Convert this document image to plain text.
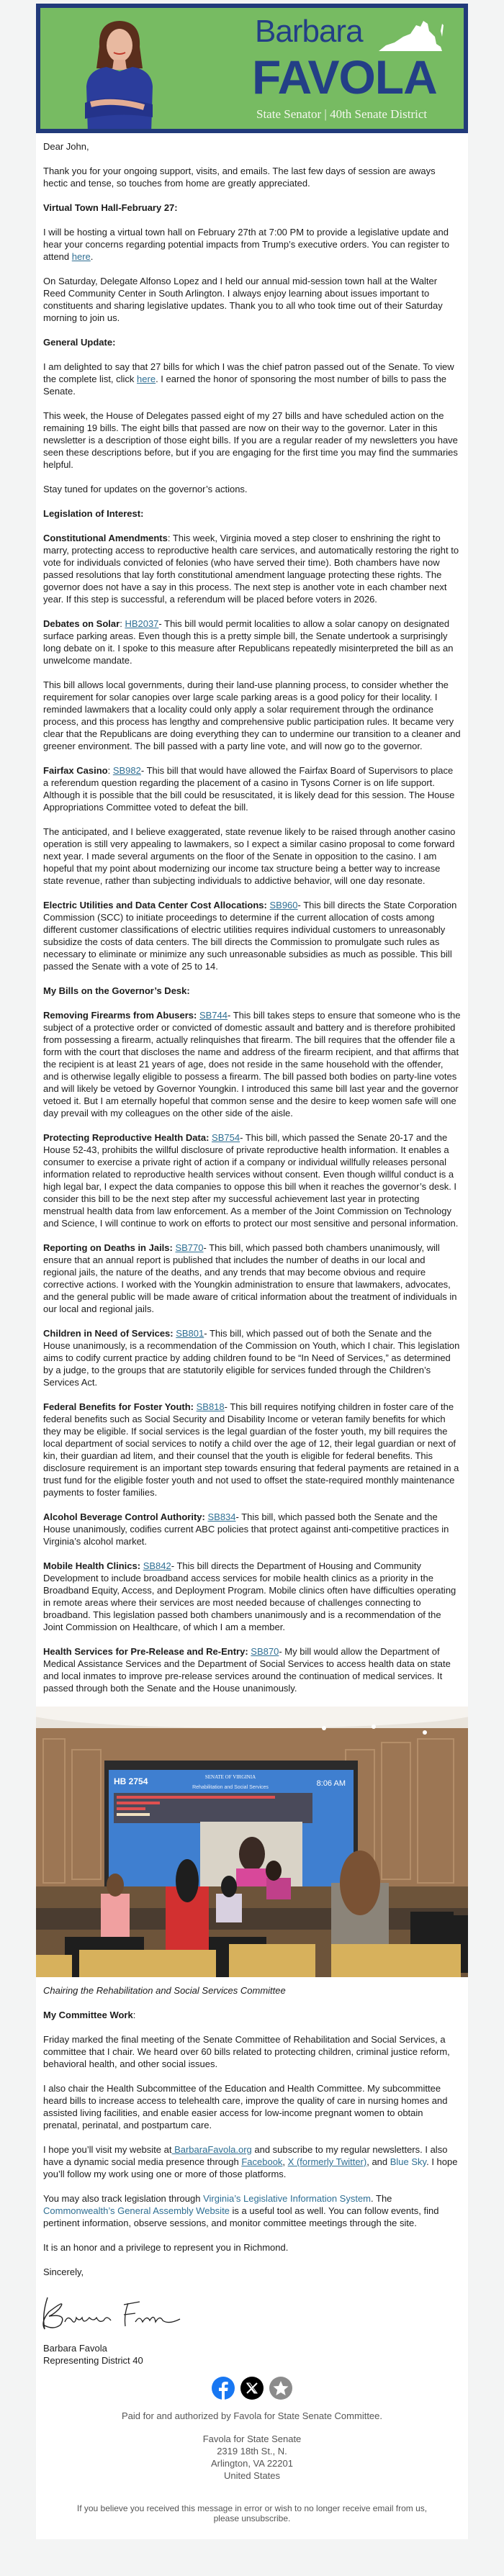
Barbara
FAVOLA
State Senator | 40th Senate District

Dear John,

Thank you for your ongoing support, visits, and emails. The last few days of session are aways hectic and tense, so touches from home are greatly appreciated.

Virtual Town Hall-February 27:

I will be hosting a virtual town hall on February 27th at 7:00 PM to provide a legislative update and hear your concerns regarding potential impacts from Trump’s executive orders. You can register to attend here.

On Saturday, Delegate Alfonso Lopez and I held our annual mid-session town hall at the Walter Reed Community Center in South Arlington. I always enjoy learning about issues important to constituents and sharing legislative updates. Thank you to all who took time out of their Saturday morning to join us.

General Update:

I am delighted to say that 27 bills for which I was the chief patron passed out of the Senate. To view the complete list, click here. I earned the honor of sponsoring the most number of bills to pass the Senate.

This week, the House of Delegates passed eight of my 27 bills and have scheduled action on the remaining 19 bills. The eight bills that passed are now on their way to the governor. Later in this newsletter is a description of those eight bills. If you are a regular reader of my newsletters you have seen these descriptions before, but if you are engaging for the first time you may find the summaries helpful.

Stay tuned for updates on the governor’s actions.

Legislation of Interest:

Constitutional Amendments: This week, Virginia moved a step closer to enshrining the right to marry, protecting access to reproductive health care services, and automatically restoring the right to vote for individuals convicted of felonies (who have served their time). Both chambers have now passed resolutions that lay forth constitutional amendment language protecting these rights. The governor does not have a say in this process. The next step is another vote in each chamber next year. If this step is successful, a referendum will be placed before voters in 2026.

Debates on Solar: HB2037- This bill would permit localities to allow a solar canopy on designated surface parking areas. Even though this is a pretty simple bill, the Senate undertook a surprisingly long debate on it. I spoke to this measure after Republicans repeatedly misinterpreted the bill as an unwelcome mandate.

This bill allows local governments, during their land-use planning process, to consider whether the requirement for solar canopies over large scale parking areas is a good policy for their locality. I reminded lawmakers that a locality could only apply a solar requirement through the ordinance process, and this process has lengthy and comprehensive public participation rules. It became very clear that the Republicans are doing everything they can to undermine our transition to a cleaner and greener environment. The bill passed with a party line vote, and will now go to the governor.

Fairfax Casino: SB982- This bill that would have allowed the Fairfax Board of Supervisors to place a referendum question regarding the placement of a casino in Tysons Corner is on life support. Although it is possible that the bill could be resuscitated, it is likely dead for this session. The House Appropriations Committee voted to defeat the bill.

The anticipated, and I believe exaggerated, state revenue likely to be raised through another casino operation is still very appealing to lawmakers, so I expect a similar casino proposal to come forward next year. I made several arguments on the floor of the Senate in opposition to the casino. I am hopeful that my point about modernizing our income tax structure being a better way to increase state revenue, rather than subjecting individuals to addictive behavior, will one day resonate.

Electric Utilities and Data Center Cost Allocations: SB960- This bill directs the State Corporation Commission (SCC) to initiate proceedings to determine if the current allocation of costs among different customer classifications of electric utilities requires individual customers to unreasonably subsidize the costs of data centers. The bill directs the Commission to promulgate such rules as necessary to eliminate or minimize any such unreasonable subsidies as much as possible. This bill passed the Senate with a vote of 25 to 14.

My Bills on the Governor’s Desk:

Removing Firearms from Abusers: SB744- This bill takes steps to ensure that someone who is the subject of a protective order or convicted of domestic assault and battery and is therefore prohibited from possessing a firearm, actually relinquishes that firearm. The bill requires that the offender file a form with the court that discloses the name and address of the firearm recipient, and that affirms that the recipient is at least 21 years of age, does not reside in the same household with the offender, and is otherwise legally eligible to possess a firearm. The bill passed both bodies on party-line votes and will likely be vetoed by Governor Youngkin. I introduced this same bill last year and the governor vetoed it. But I am eternally hopeful that common sense and the desire to keep women safe will one day prevail with my colleagues on the other side of the aisle.

Protecting Reproductive Health Data: SB754- This bill, which passed the Senate 20-17 and the House 52-43, prohibits the willful disclosure of private reproductive health information. It enables a consumer to exercise a private right of action if a company or individual willfully releases personal information related to reproductive health services without consent. Even though willful conduct is a high legal bar, I expect the data companies to oppose this bill when it reaches the governor’s desk. I consider this bill to be the next step after my successful achievement last year in protecting menstrual health data from law enforcement. As a member of the Joint Commission on Technology and Science, I will continue to work on efforts to protect our most sensitive and personal information.

Reporting on Deaths in Jails: SB770- This bill, which passed both chambers unanimously, will ensure that an annual report is published that includes the number of deaths in our local and regional jails, the nature of the deaths, and any trends that may become obvious and require corrective actions. I worked with the Youngkin administration to ensure that lawmakers, advocates, and the general public will be made aware of critical information about the treatment of individuals in our local and regional jails.

Children in Need of Services: SB801- This bill, which passed out of both the Senate and the House unanimously, is a recommendation of the Commission on Youth, which I chair. This legislation aims to codify current practice by adding children found to be “In Need of Services,” as determined by a judge, to the groups that are statutorily eligible for services funded through the Children’s Services Act.

Federal Benefits for Foster Youth: SB818- This bill requires notifying children in foster care of the federal benefits such as Social Security and Disability Income or veteran family benefits for which they may be eligible. If social services is the legal guardian of the foster youth, my bill requires the local department of social services to notify a child over the age of 12, their legal guardian or next of kin, their guardian ad litem, and their counsel that the youth is eligible for federal benefits. This disclosure requirement is an important step towards ensuring that federal payments are retained in a trust fund for the eligible foster youth and not used to offset the state-required monthly maintenance payments to foster families.

Alcohol Beverage Control Authority: SB834- This bill, which passed both the Senate and the House unanimously, codifies current ABC policies that protect against anti-competitive practices in Virginia’s alcohol market.

Mobile Health Clinics: SB842- This bill directs the Department of Housing and Community Development to include broadband access services for mobile health clinics as a priority in the Broadband Equity, Access, and Deployment Program. Mobile clinics often have difficulties operating in remote areas where their services are most needed because of challenges connecting to broadband. This legislation passed both chambers unanimously and is a recommendation of the Joint Commission on Healthcare, of which I am a member.

Health Services for Pre-Release and Re-Entry: SB870- My bill would allow the Department of Medical Assistance Services and the Department of Social Services to access health data on state and local inmates to improve pre-release services around the continuation of medical services. It passed through both the Senate and the House unanimously.

HB 2754	SENATE OF VIRGINIA
Rehabilitation and Social Services	8:06 AM
Chairing the Rehabilitation and Social Services Committee

My Committee Work:

Friday marked the final meeting of the Senate Committee of Rehabilitation and Social Services, a committee that I chair. We heard over 60 bills related to protecting children, criminal justice reform, behavioral health, and other social issues.

I also chair the Health Subcommittee of the Education and Health Committee. My subcommittee heard bills to increase access to telehealth care, improve the quality of care in nursing homes and assisted living facilities, and enable easier access for low-income pregnant women to obtain prenatal, perinatal, and postpartum care.

I hope you’ll visit my website at BarbaraFavola.org and subscribe to my regular newsletters. I also have a dynamic social media presence through Facebook, X (formerly Twitter), and Blue Sky. I hope you’ll follow my work using one or more of those platforms.

You may also track legislation through Virginia’s Legislative Information System. The Commonwealth’s General Assembly Website is a useful tool as well. You can follow events, find pertinent information, observe sessions, and monitor committee meetings through the site.

It is an honor and a privilege to represent you in Richmond.

Sincerely,

Barbara Favola
Representing District 40

Paid for and authorized by Favola for State Senate Committee.

Favola for State Senate
2319 18th St., N.
Arlington, VA 22201
United States
If you believe you received this message in error or wish to no longer receive email from us, please unsubscribe.
